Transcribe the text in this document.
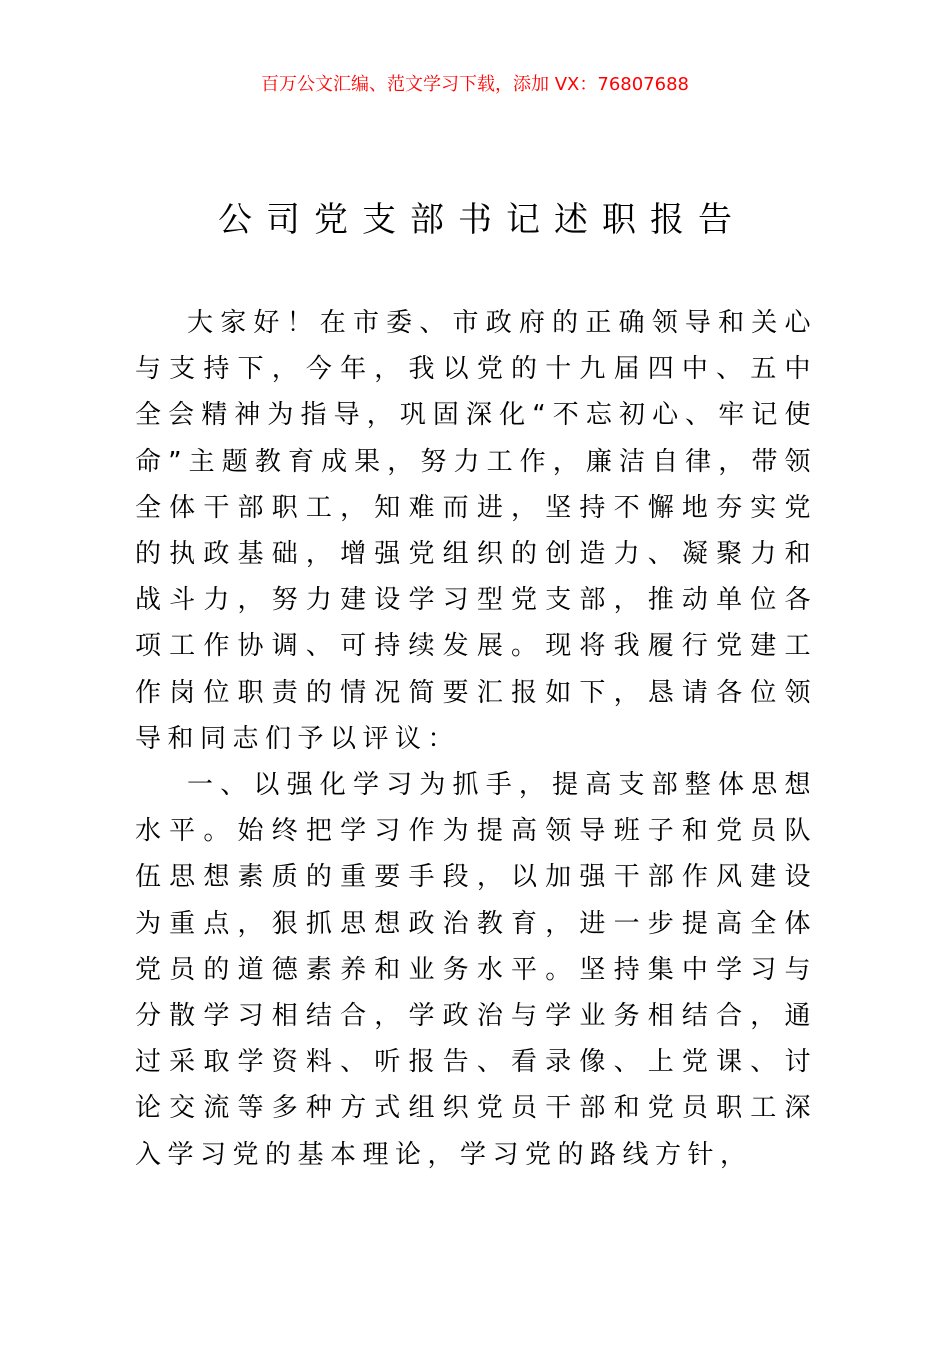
百万公文汇编、范文学习下载，添加 VX：76807688
公司党支部书记述职报告

大家好！在市委、市政府的正确领导和关心与支持下，今年，我以党的十九届四中、五中全会精神为指导，巩固深化“不忘初心、牢记使命”主题教育成果，努力工作，廉洁自律，带领全体干部职工，知难而进，坚持不懈地夯实党的执政基础，增强党组织的创造力、凝聚力和战斗力，努力建设学习型党支部，推动单位各项工作协调、可持续发展。现将我履行党建工作岗位职责的情况简要汇报如下，恳请各位领导和同志们予以评议：

一、以强化学习为抓手，提高支部整体思想水平。始终把学习作为提高领导班子和党员队伍思想素质的重要手段，以加强干部作风建设为重点，狠抓思想政治教育，进一步提高全体党员的道德素养和业务水平。坚持集中学习与分散学习相结合，学政治与学业务相结合，通过采取学资料、听报告、看录像、上党课、讨论交流等多种方式组织党员干部和党员职工深入学习党的基本理论，学习党的路线方针，
